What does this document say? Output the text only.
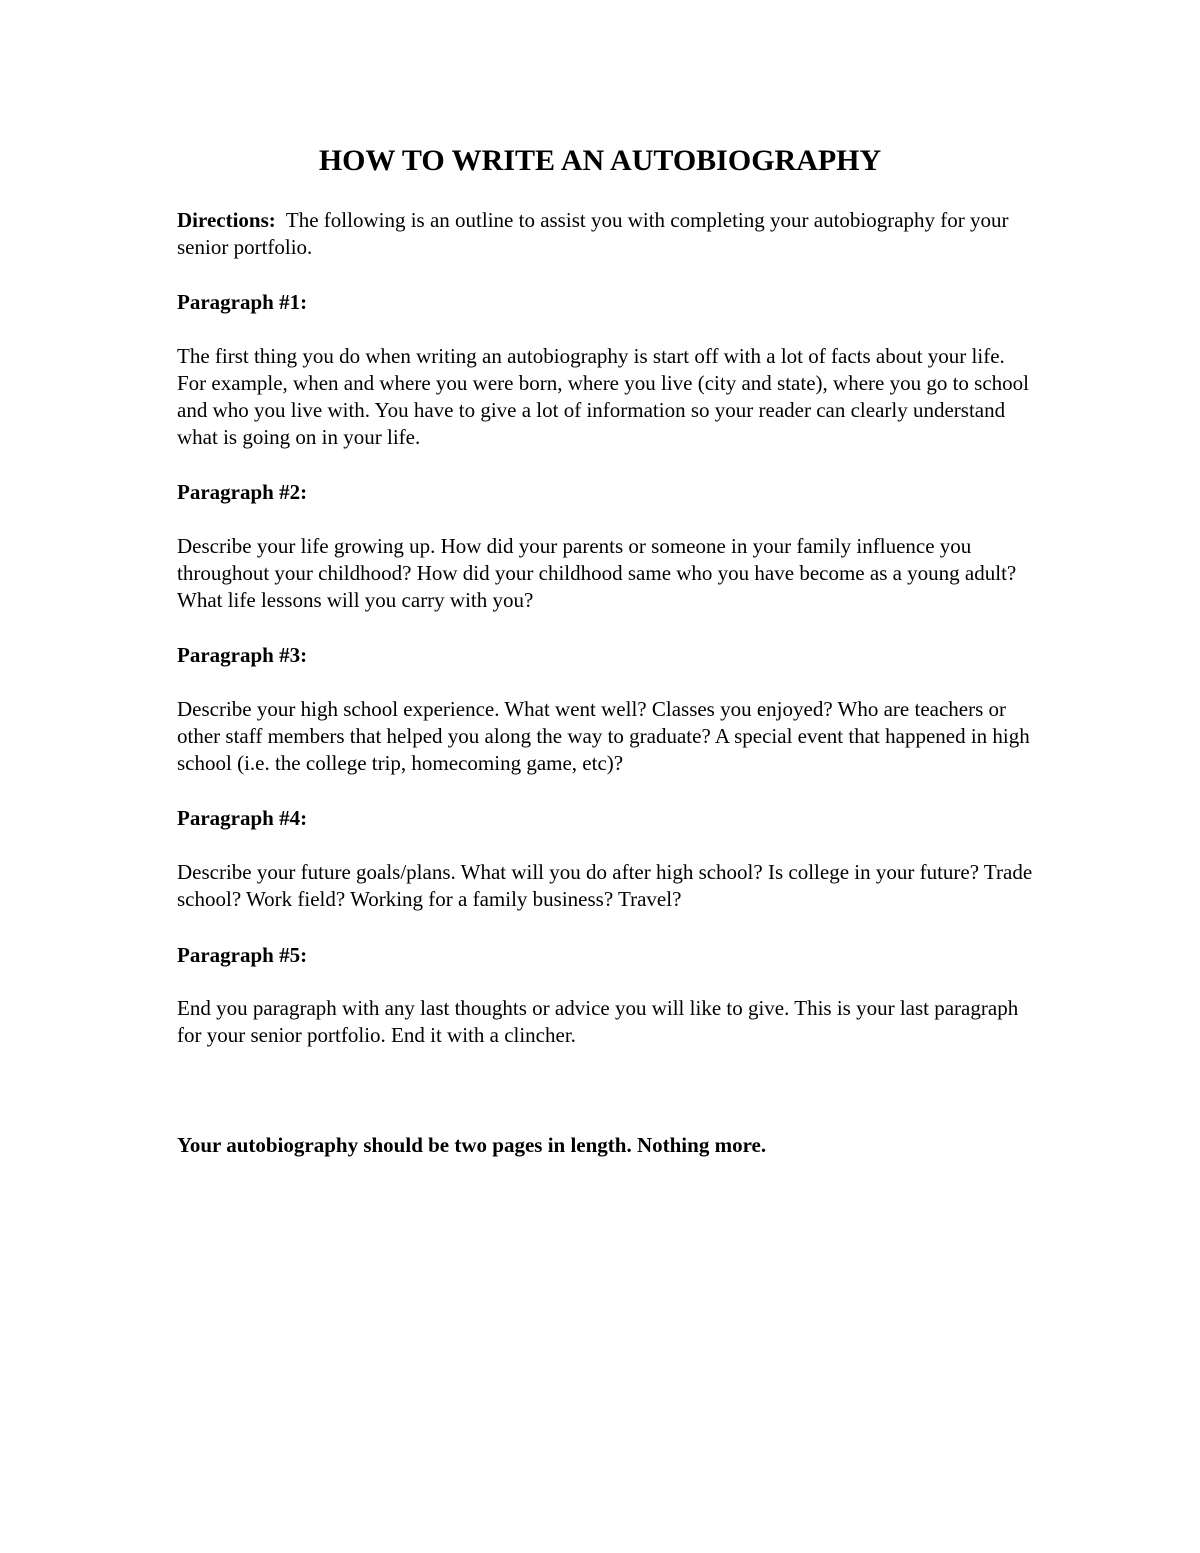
HOW TO WRITE AN AUTOBIOGRAPHY

Directions: The following is an outline to assist you with completing your autobiography for your senior portfolio.

Paragraph #1:

The first thing you do when writing an autobiography is start off with a lot of facts about your life. For example, when and where you were born, where you live (city and state), where you go to school and who you live with. You have to give a lot of information so your reader can clearly understand what is going on in your life.

Paragraph #2:

Describe your life growing up. How did your parents or someone in your family influence you throughout your childhood? How did your childhood same who you have become as a young adult? What life lessons will you carry with you?

Paragraph #3:

Describe your high school experience. What went well? Classes you enjoyed? Who are teachers or other staff members that helped you along the way to graduate? A special event that happened in high school (i.e. the college trip, homecoming game, etc)?

Paragraph #4:

Describe your future goals/plans. What will you do after high school? Is college in your future? Trade school? Work field? Working for a family business? Travel?

Paragraph #5:

End you paragraph with any last thoughts or advice you will like to give. This is your last paragraph for your senior portfolio. End it with a clincher.

Your autobiography should be two pages in length. Nothing more.
